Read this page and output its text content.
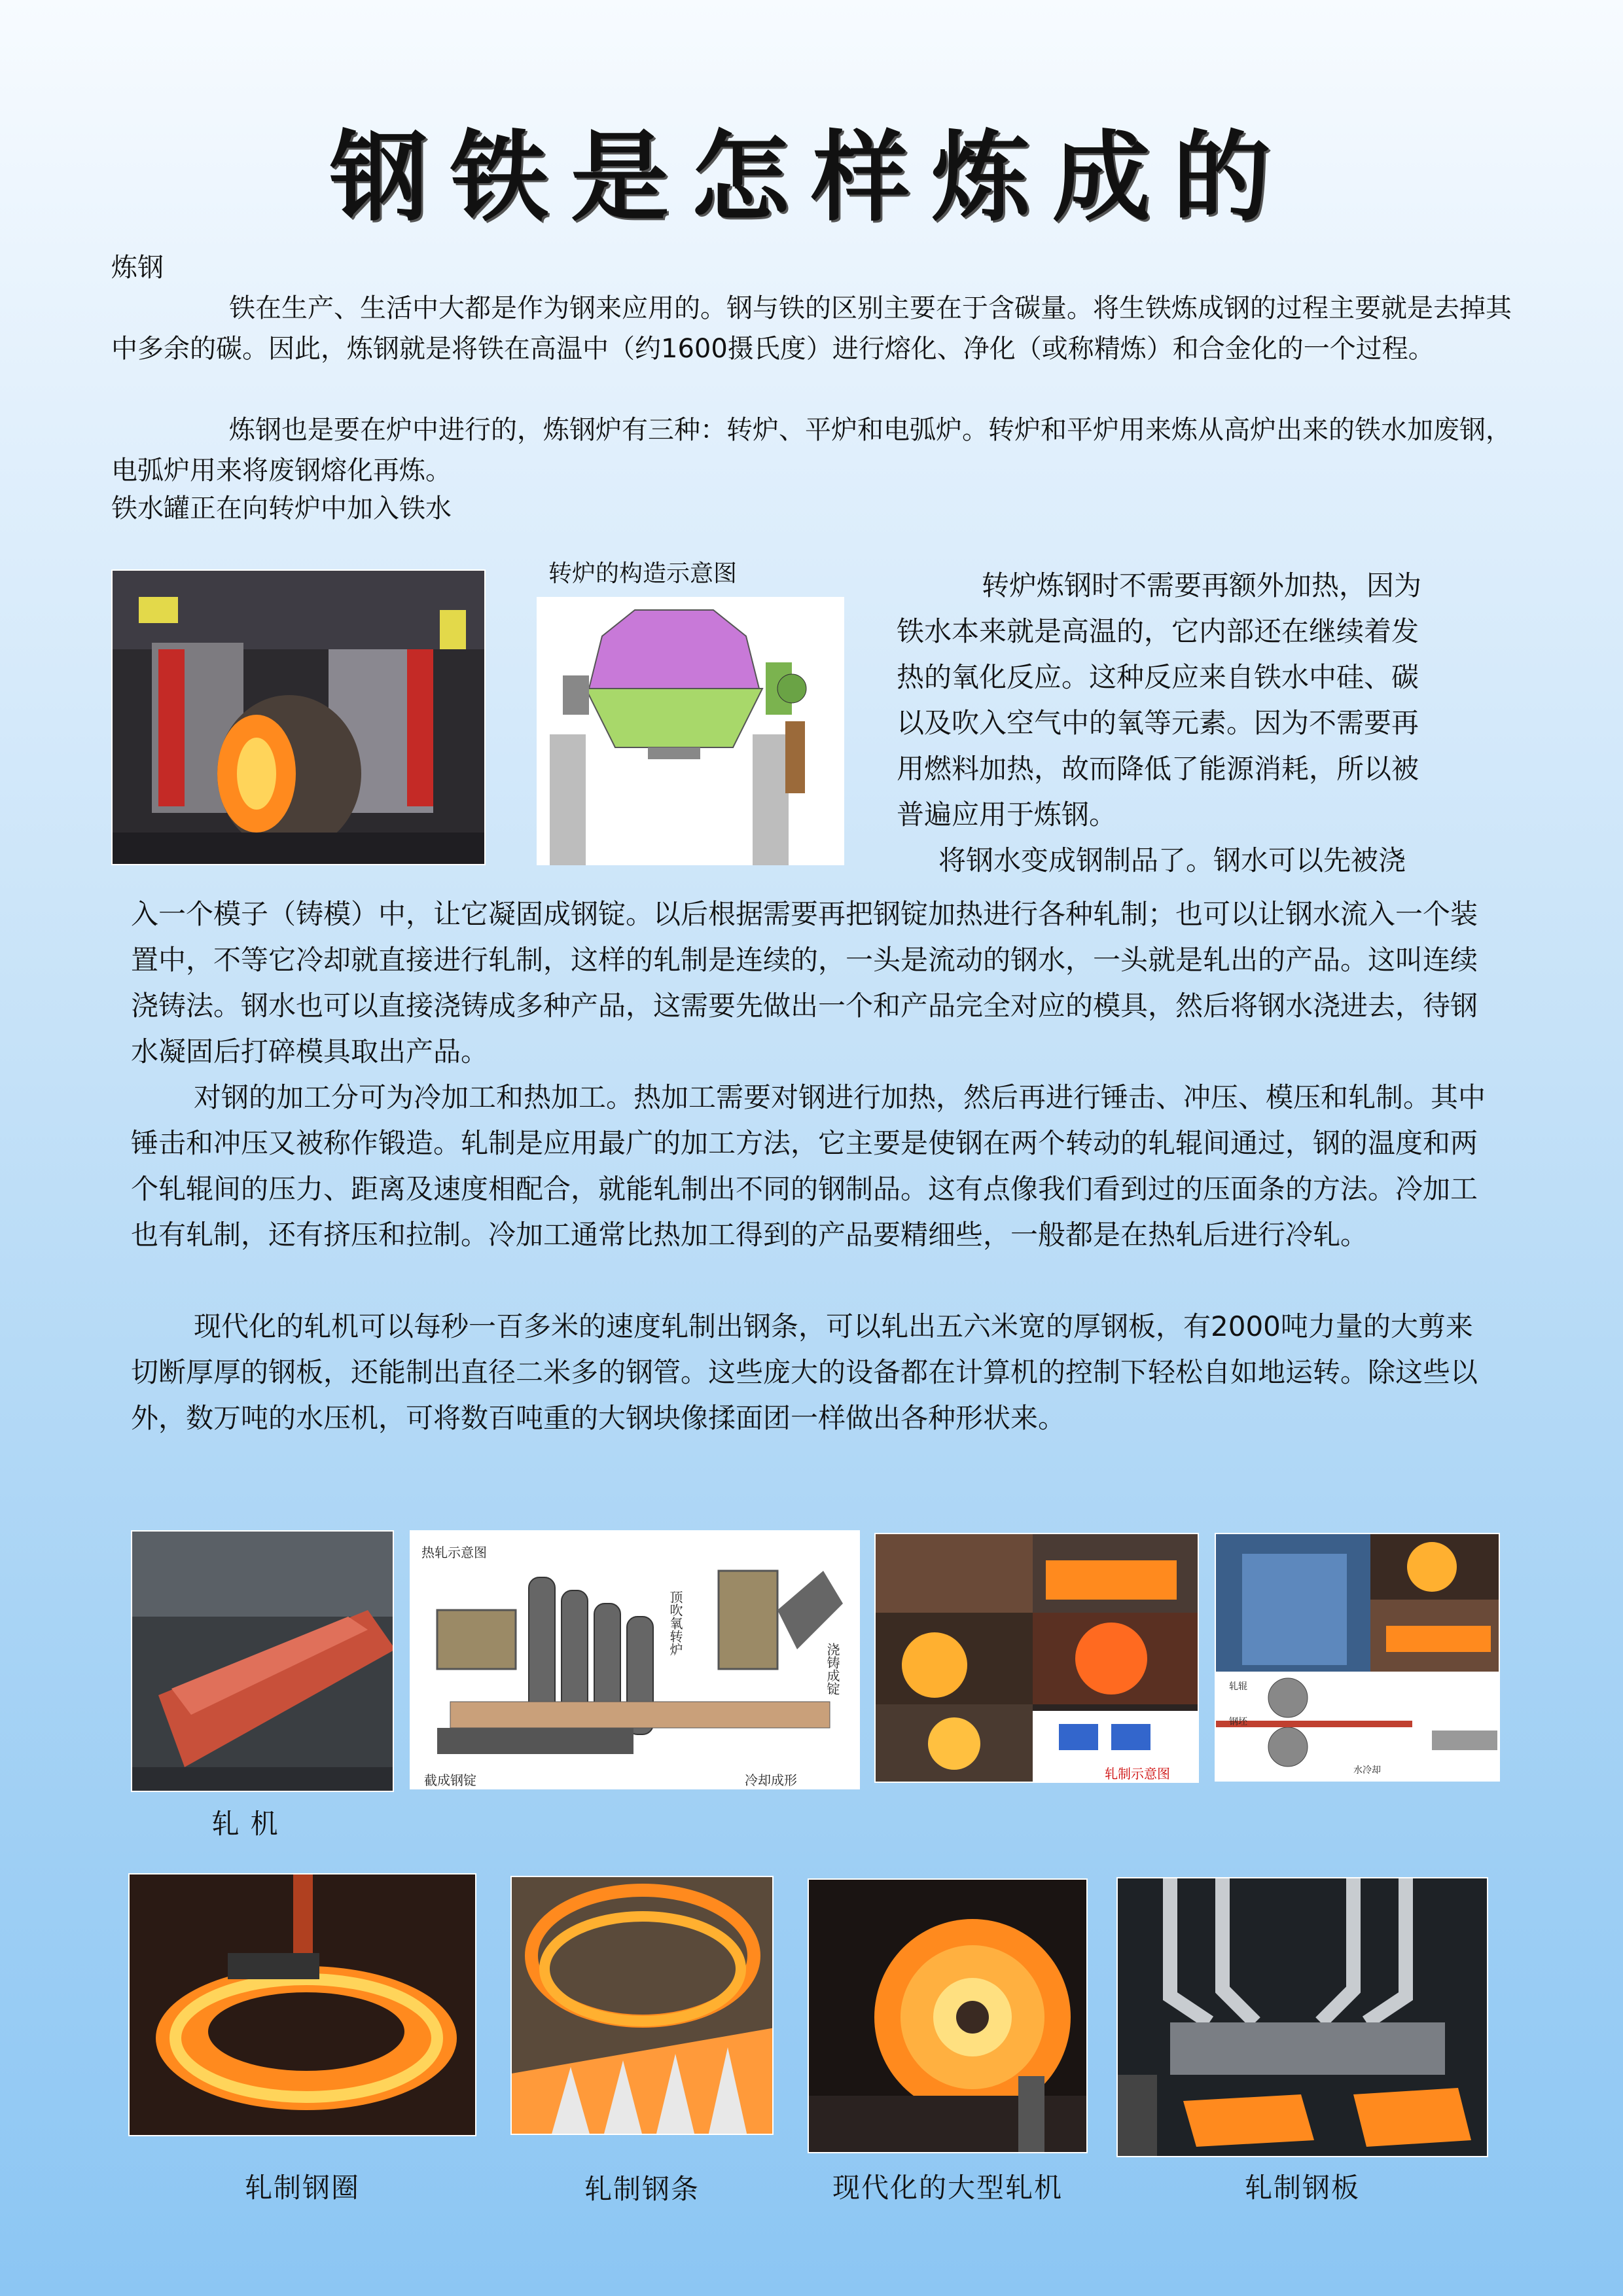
钢铁是怎样炼成的
炼钢
铁在生产、生活中大都是作为钢来应用的。钢与铁的区别主要在于含碳量。将生铁炼成钢的过程主要就是去掉其中多余的碳。因此，炼钢就是将铁在高温中（约1600摄氏度）进行熔化、净化（或称精炼）和合金化的一个过程。
炼钢也是要在炉中进行的，炼钢炉有三种：转炉、平炉和电弧炉。转炉和平炉用来炼从高炉出来的铁水加废钢，电弧炉用来将废钢熔化再炼。
铁水罐正在向转炉中加入铁水
转炉的构造示意图	转炉炼钢时不需要再额外加热，因为
铁水本来就是高温的，它内部还在继续着发
热的氧化反应。这种反应来自铁水中硅、碳
以及吹入空气中的氧等元素。因为不需要再
用燃料加热，故而降低了能源消耗，所以被
普遍应用于炼钢。
将钢水变成钢制品了。钢水可以先被浇
入一个模子（铸模）中，让它凝固成钢锭。以后根据需要再把钢锭加热进行各种轧制；也可以让钢水流入一个装置中，不等它冷却就直接进行轧制，这样的轧制是连续的，一头是流动的钢水，一头就是轧出的产品。这叫连续浇铸法。钢水也可以直接浇铸成多种产品，这需要先做出一个和产品完全对应的模具，然后将钢水浇进去，待钢水凝固后打碎模具取出产品。
对钢的加工分可为冷加工和热加工。热加工需要对钢进行加热，然后再进行锤击、冲压、模压和轧制。其中锤击和冲压又被称作锻造。轧制是应用最广的加工方法，它主要是使钢在两个转动的轧辊间通过，钢的温度和两个轧辊间的压力、距离及速度相配合，就能轧制出不同的钢制品。这有点像我们看到过的压面条的方法。冷加工也有轧制，还有挤压和拉制。冷加工通常比热加工得到的产品要精细些，一般都是在热轧后进行冷轧。
现代化的轧机可以每秒一百多米的速度轧制出钢条，可以轧出五六米宽的厚钢板，有2000吨力量的大剪来切断厚厚的钢板，还能制出直径二米多的钢管。这些庞大的设备都在计算机的控制下轻松自如地运转。除这些以外，数万吨的水压机，可将数百吨重的大钢块像揉面团一样做出各种形状来。
轧 机
热轧示意图
截成钢锭	冷却成形
浇铸成锭
顶吹氧转炉
轧制示意图
轧辊
钢坯
水冷却
轧制钢圈	轧制钢条	现代化的大型轧机	轧制钢板
